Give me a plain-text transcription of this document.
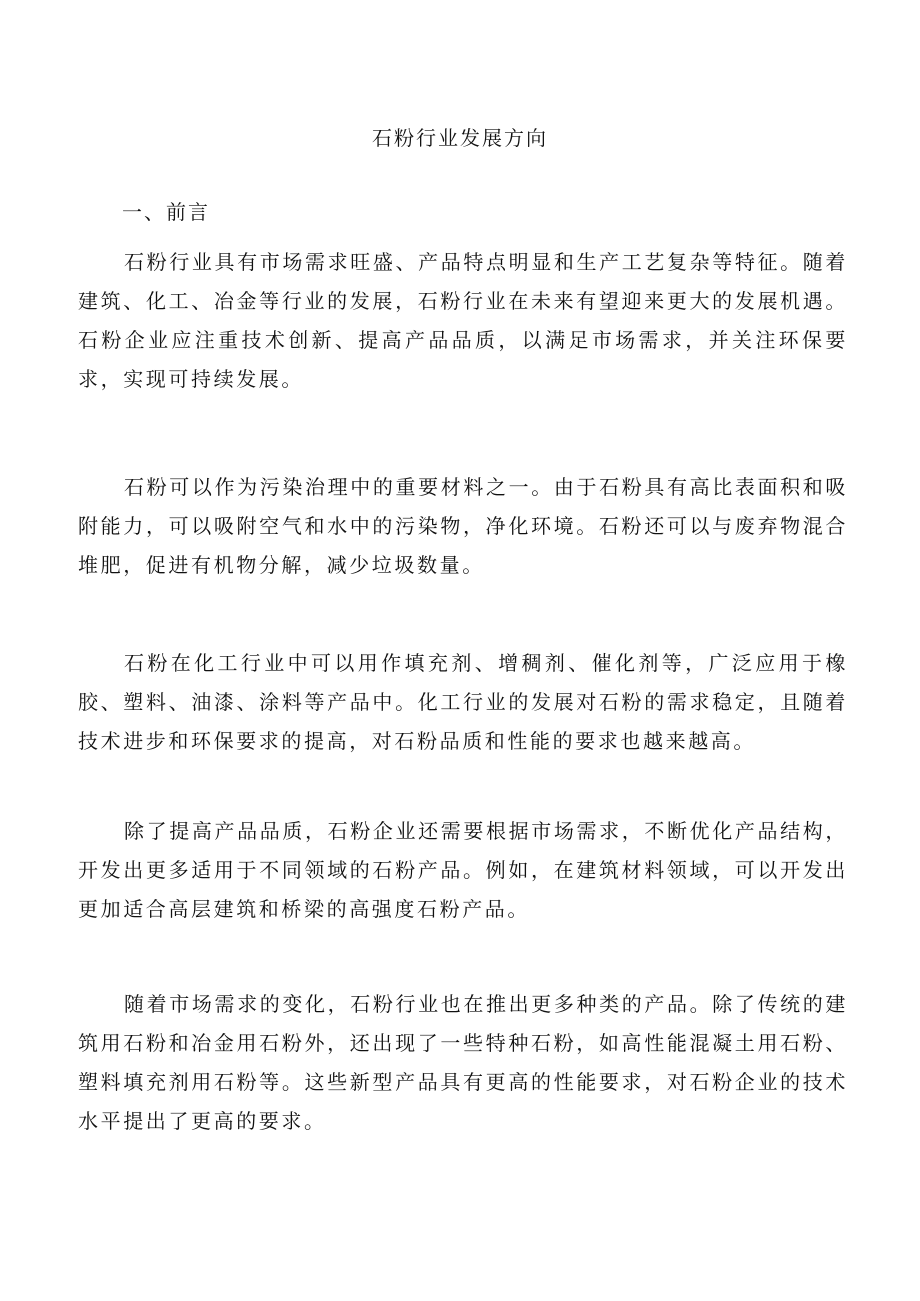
石粉行业发展方向
一、前言

石粉行业具有市场需求旺盛、产品特点明显和生产工艺复杂等特征。随着建筑、化工、冶金等行业的发展，石粉行业在未来有望迎来更大的发展机遇。石粉企业应注重技术创新、提高产品品质，以满足市场需求，并关注环保要求，实现可持续发展。

石粉可以作为污染治理中的重要材料之一。由于石粉具有高比表面积和吸附能力，可以吸附空气和水中的污染物，净化环境。石粉还可以与废弃物混合堆肥，促进有机物分解，减少垃圾数量。

石粉在化工行业中可以用作填充剂、增稠剂、催化剂等，广泛应用于橡胶、塑料、油漆、涂料等产品中。化工行业的发展对石粉的需求稳定，且随着技术进步和环保要求的提高，对石粉品质和性能的要求也越来越高。

除了提高产品品质，石粉企业还需要根据市场需求，不断优化产品结构，开发出更多适用于不同领域的石粉产品。例如，在建筑材料领域，可以开发出更加适合高层建筑和桥梁的高强度石粉产品。

随着市场需求的变化，石粉行业也在推出更多种类的产品。除了传统的建筑用石粉和冶金用石粉外，还出现了一些特种石粉，如高性能混凝土用石粉、塑料填充剂用石粉等。这些新型产品具有更高的性能要求，对石粉企业的技术水平提出了更高的要求。
